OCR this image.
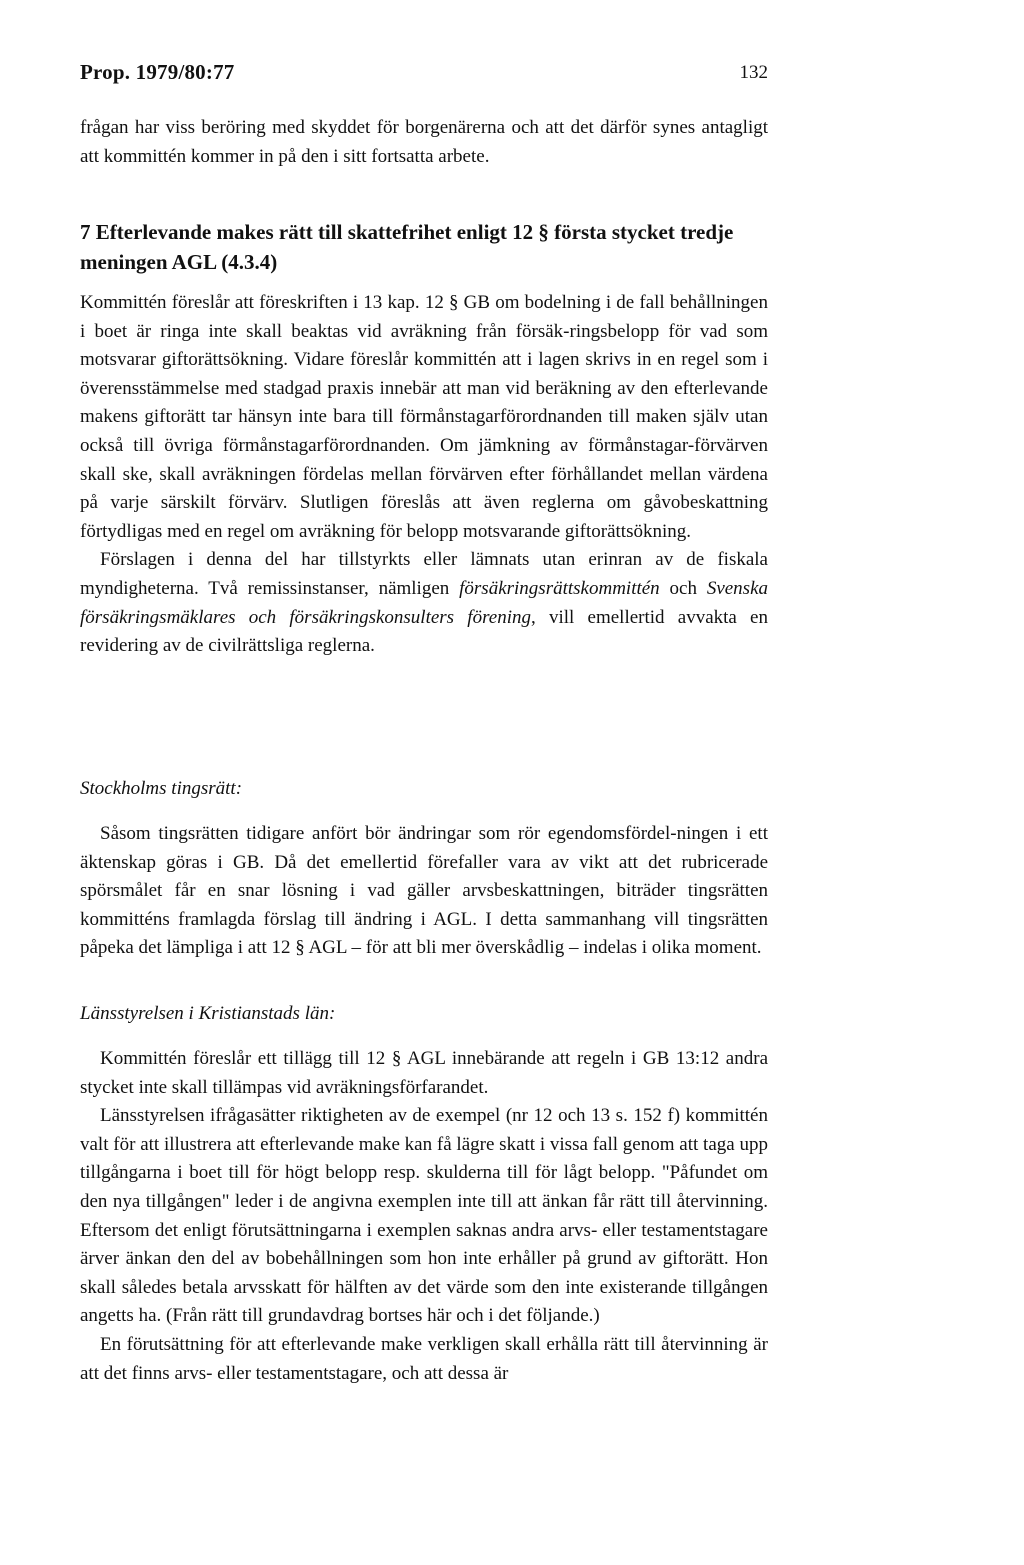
Prop. 1979/80:77	132

frågan har viss beröring med skyddet för borgenärerna och att det därför synes antagligt att kommittén kommer in på den i sitt fortsatta arbete.

7 Efterlevande makes rätt till skattefrihet enligt 12 § första stycket tredje meningen AGL (4.3.4)

Kommittén föreslår att föreskriften i 13 kap. 12 § GB om bodelning i de fall behållningen i boet är ringa inte skall beaktas vid avräkning från försäk-ringsbelopp för vad som motsvarar giftorättsökning. Vidare föreslår kommittén att i lagen skrivs in en regel som i överensstämmelse med stadgad praxis innebär att man vid beräkning av den efterlevande makens giftorätt tar hänsyn inte bara till förmånstagarförordnanden till maken själv utan också till övriga förmånstagarförordnanden. Om jämkning av förmånstagar-förvärven skall ske, skall avräkningen fördelas mellan förvärven efter förhållandet mellan värdena på varje särskilt förvärv. Slutligen föreslås att även reglerna om gåvobeskattning förtydligas med en regel om avräkning för belopp motsvarande giftorättsökning.

Förslagen i denna del har tillstyrkts eller lämnats utan erinran av de fiskala myndigheterna. Två remissinstanser, nämligen försäkringsrättskommittén och Svenska försäkringsmäklares och försäkringskonsulters förening, vill emellertid avvakta en revidering av de civilrättsliga reglerna.

Stockholms tingsrätt:

Såsom tingsrätten tidigare anfört bör ändringar som rör egendomsfördel-ningen i ett äktenskap göras i GB. Då det emellertid förefaller vara av vikt att det rubricerade spörsmålet får en snar lösning i vad gäller arvsbeskattningen, biträder tingsrätten kommitténs framlagda förslag till ändring i AGL. I detta sammanhang vill tingsrätten påpeka det lämpliga i att 12 § AGL – för att bli mer överskådlig – indelas i olika moment.

Länsstyrelsen i Kristianstads län:

Kommittén föreslår ett tillägg till 12 § AGL innebärande att regeln i GB 13:12 andra stycket inte skall tillämpas vid avräkningsförfarandet.

Länsstyrelsen ifrågasätter riktigheten av de exempel (nr 12 och 13 s. 152 f) kommittén valt för att illustrera att efterlevande make kan få lägre skatt i vissa fall genom att taga upp tillgångarna i boet till för högt belopp resp. skulderna till för lågt belopp. "Påfundet om den nya tillgången" leder i de angivna exemplen inte till att änkan får rätt till återvinning. Eftersom det enligt förutsättningarna i exemplen saknas andra arvs- eller testamentstagare ärver änkan den del av bobehållningen som hon inte erhåller på grund av giftorätt. Hon skall således betala arvsskatt för hälften av det värde som den inte existerande tillgången angetts ha. (Från rätt till grundavdrag bortses här och i det följande.)

En förutsättning för att efterlevande make verkligen skall erhålla rätt till återvinning är att det finns arvs- eller testamentstagare, och att dessa är
